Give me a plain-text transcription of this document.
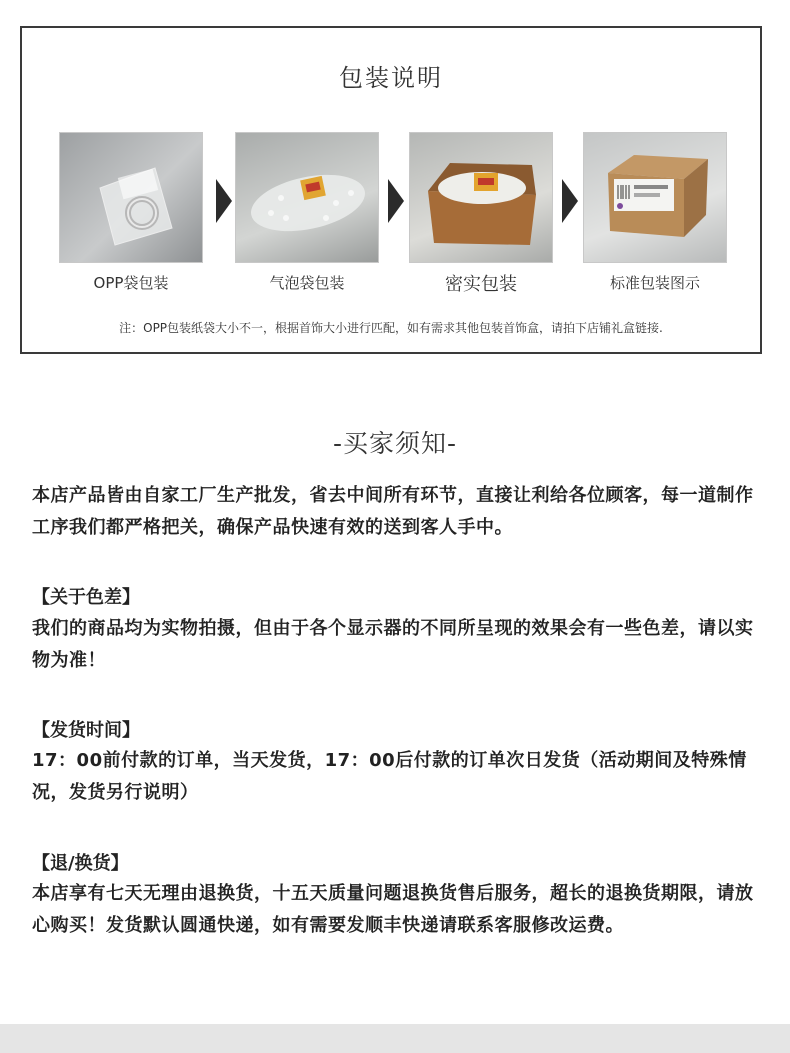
包装说明
OPP袋包装	气泡袋包装	密实包装	标准包装图示
注：OPP包装纸袋大小不一，根据首饰大小进行匹配，如有需求其他包装首饰盒，请拍下店铺礼盒链接.
-买家须知-
本店产品皆由自家工厂生产批发，省去中间所有环节，直接让利给各位顾客，每一道制作工序我们都严格把关，确保产品快速有效的送到客人手中。
【关于色差】
我们的商品均为实物拍摄，但由于各个显示器的不同所呈现的效果会有一些色差，请以实物为准！
【发货时间】
17：00前付款的订单，当天发货，17：00后付款的订单次日发货（活动期间及特殊情况，发货另行说明）
【退/换货】
本店享有七天无理由退换货，十五天质量问题退换货售后服务，超长的退换货期限，请放心购买！发货默认圆通快递，如有需要发顺丰快递请联系客服修改运费。
